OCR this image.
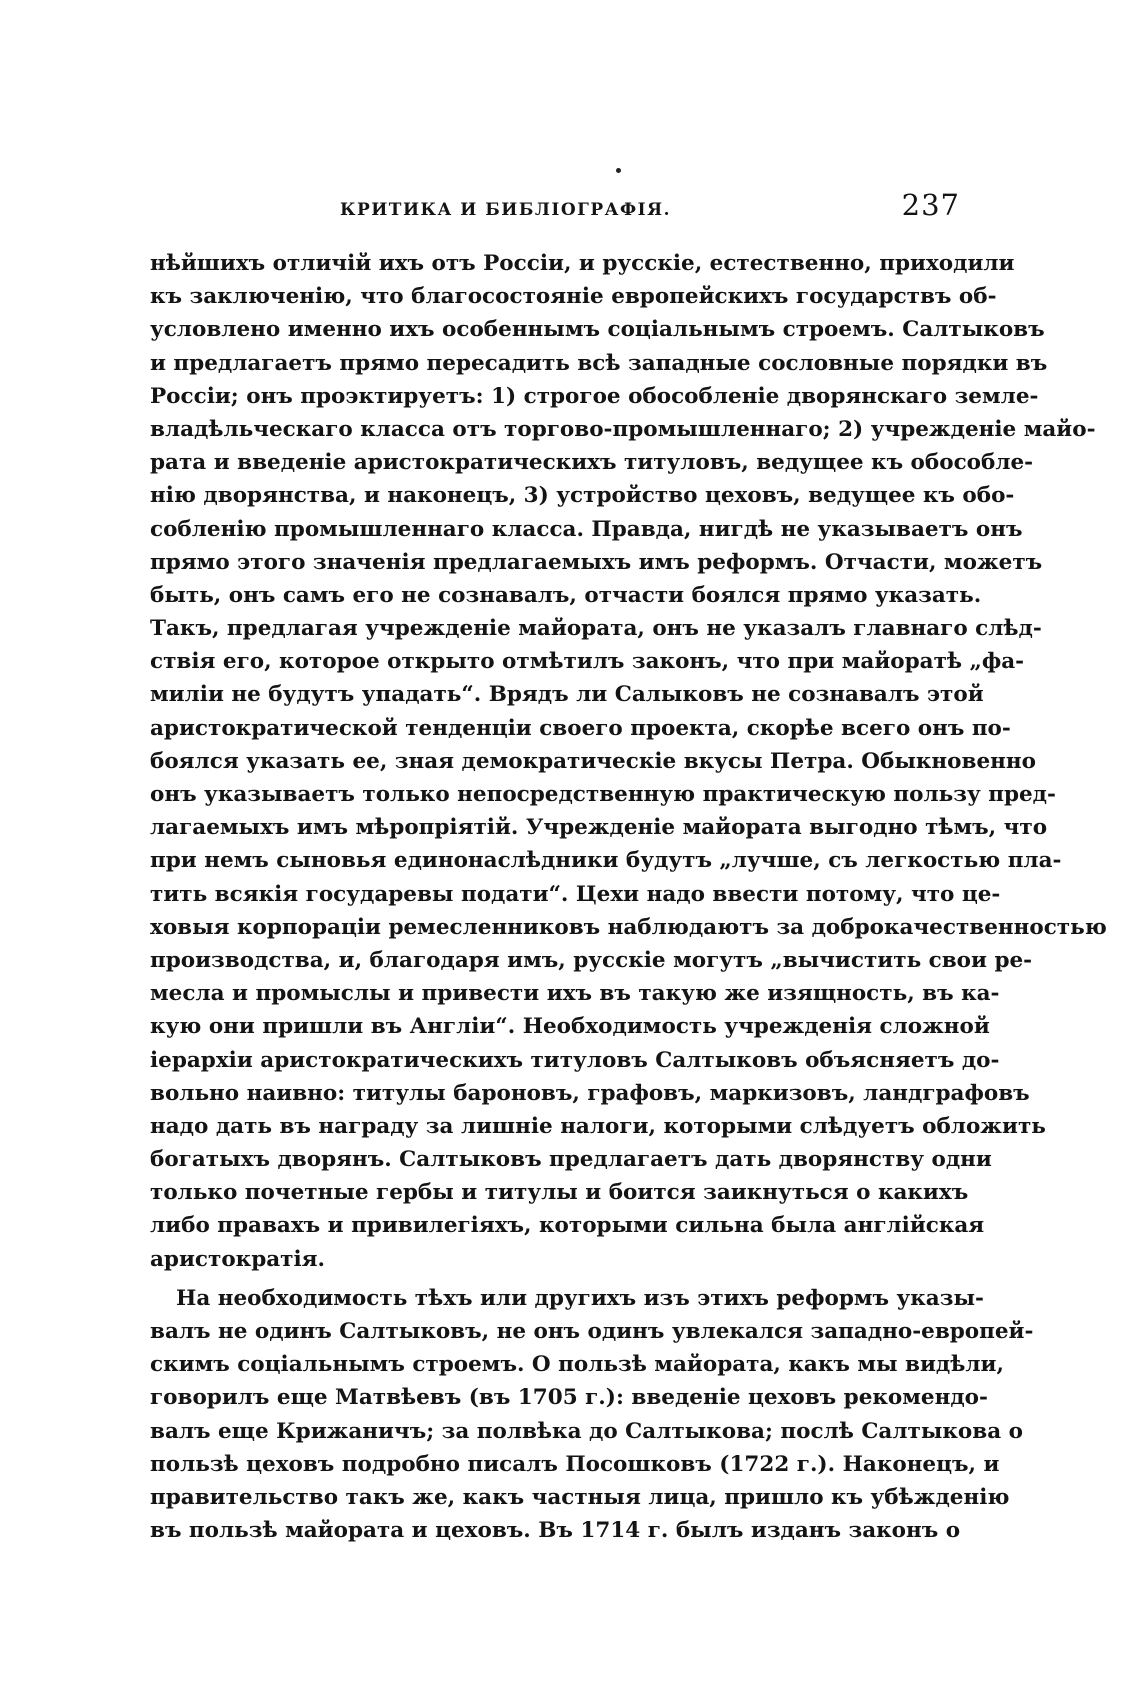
КРИТИКА И БИБЛІОГРАФІЯ.	237
нѣйшихъ отличій ихъ отъ Россіи, и русскіе, естественно, приходили
къ заключенію, что благосостояніе европейскихъ государствъ об-
условлено именно ихъ особеннымъ соціальнымъ строемъ. Салтыковъ
и предлагаетъ прямо пересадить всѣ западные сословные порядки въ
Россіи; онъ проэктируетъ: 1) строгое обособленіе дворянскаго земле-
владѣльческаго класса отъ торгово-промышленнаго; 2) учрежденіе майо-
рата и введеніе аристократическихъ титуловъ, ведущее къ обособле-
нію дворянства, и наконецъ, 3) устройство цеховъ, ведущее къ обо-
собленію промышленнаго класса. Правда, нигдѣ не указываетъ онъ
прямо этого значенія предлагаемыхъ имъ реформъ. Отчасти, можетъ
быть, онъ самъ его не сознавалъ, отчасти боялся прямо указать.
Такъ, предлагая учрежденіе майората, онъ не указалъ главнаго слѣд-
ствія его, которое открыто отмѣтилъ законъ, что при майоратѣ „фа-
миліи не будутъ упадать“. Врядъ ли Салыковъ не сознавалъ этой
аристократической тенденціи своего проекта, скорѣе всего онъ по-
боялся указать ее, зная демократическіе вкусы Петра. Обыкновенно
онъ указываетъ только непосредственную практическую пользу пред-
лагаемыхъ имъ мѣропріятій. Учрежденіе майората выгодно тѣмъ, что
при немъ сыновья единонаслѣдники будутъ „лучше, съ легкостью пла-
тить всякія государевы подати“. Цехи надо ввести потому, что це-
ховыя корпораціи ремесленниковъ наблюдаютъ за доброкачественностью
производства, и, благодаря имъ, русскіе могутъ „вычистить свои ре-
месла и промыслы и привести ихъ въ такую же изящность, въ ка-
кую они пришли въ Англіи“. Необходимость учрежденія сложной
іерархіи аристократическихъ титуловъ Салтыковъ объясняетъ до-
вольно наивно: титулы бароновъ, графовъ, маркизовъ, ландграфовъ
надо дать въ награду за лишніе налоги, которыми слѣдуетъ обложить
богатыхъ дворянъ. Салтыковъ предлагаетъ дать дворянству одни
только почетные гербы и титулы и боится заикнуться о какихъ
либо правахъ и привилегіяхъ, которыми сильна была англійская
аристократія.
На необходимость тѣхъ или другихъ изъ этихъ реформъ указы-
валъ не одинъ Салтыковъ, не онъ одинъ увлекался западно-европей-
скимъ соціальнымъ строемъ. О пользѣ майората, какъ мы видѣли,
говорилъ еще Матвѣевъ (въ 1705 г.): введеніе цеховъ рекомендо-
валъ еще Крижаничъ; за полвѣка до Салтыкова; послѣ Салтыкова о
пользѣ цеховъ подробно писалъ Посошковъ (1722 г.). Наконецъ, и
правительство такъ же, какъ частныя лица, пришло къ убѣжденію
въ пользѣ майората и цеховъ. Въ 1714 г. былъ изданъ законъ о
